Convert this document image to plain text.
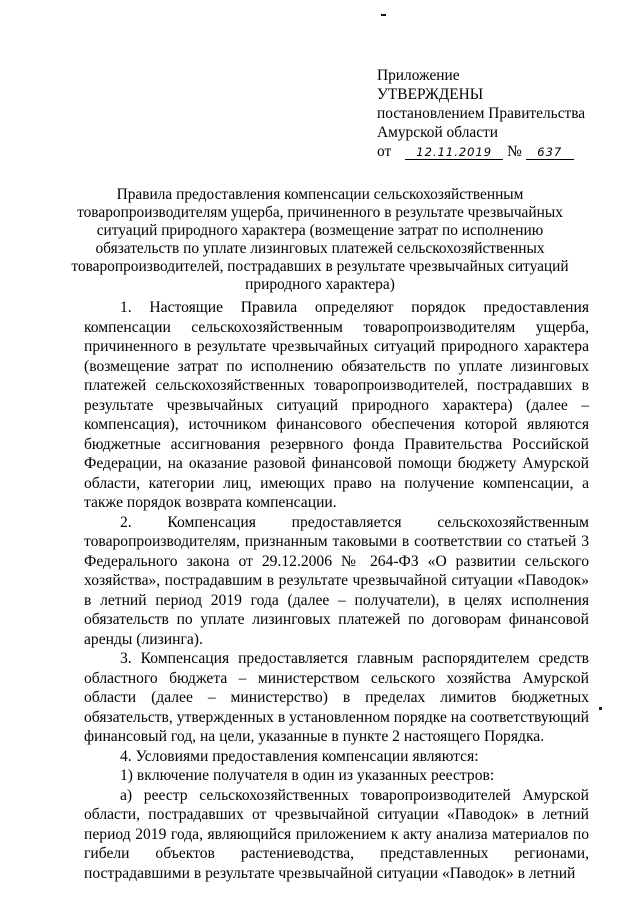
Приложение
УТВЕРЖДЕНЫ
постановлением Правительства
Амурской области
от 12.11.2019 № 637
Правила предоставления компенсации сельскохозяйственным товаропроизводителям ущерба, причиненного в результате чрезвычайных ситуаций природного характера (возмещение затрат по исполнению обязательств по уплате лизинговых платежей сельскохозяйственных товаропроизводителей, пострадавших в результате чрезвычайных ситуаций природного характера)

1. Настоящие Правила определяют порядок предоставления компенсации сельскохозяйственным товаропроизводителям ущерба, причиненного в результате чрезвычайных ситуаций природного характера (возмещение затрат по исполнению обязательств по уплате лизинговых платежей сельскохозяйственных товаропроизводителей, пострадавших в результате чрезвычайных ситуаций природного характера) (далее – компенсация), источником финансового обеспечения которой являются бюджетные ассигнования резервного фонда Правительства Российской Федерации, на оказание разовой финансовой помощи бюджету Амурской области, категории лиц, имеющих право на получение компенсации, а также порядок возврата компенсации.

2. Компенсация предоставляется сельскохозяйственным товаропроизводителям, признанным таковыми в соответствии со статьей 3 Федерального закона от 29.12.2006 № 264-ФЗ «О развитии сельского хозяйства», пострадавшим в результате чрезвычайной ситуации «Паводок» в летний период 2019 года (далее – получатели), в целях исполнения обязательств по уплате лизинговых платежей по договорам финансовой аренды (лизинга).

3. Компенсация предоставляется главным распорядителем средств областного бюджета – министерством сельского хозяйства Амурской области (далее – министерство) в пределах лимитов бюджетных обязательств, утвержденных в установленном порядке на соответствующий финансовый год, на цели, указанные в пункте 2 настоящего Порядка.

4. Условиями предоставления компенсации являются:

1) включение получателя в один из указанных реестров:

а) реестр сельскохозяйственных товаропроизводителей Амурской области, пострадавших от чрезвычайной ситуации «Паводок» в летний период 2019 года, являющийся приложением к акту анализа материалов по гибели объектов растениеводства, представленных регионами, пострадавшими в результате чрезвычайной ситуации «Паводок» в летний
